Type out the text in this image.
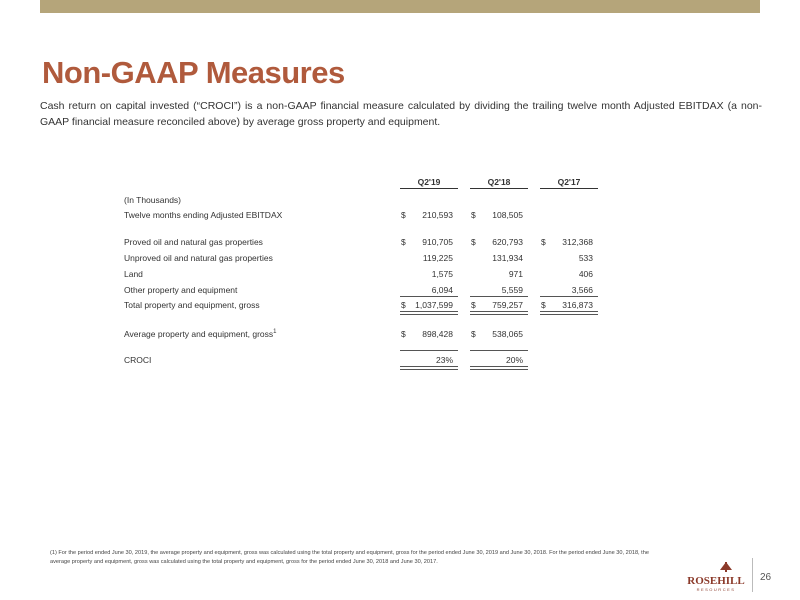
Non-GAAP Measures
Cash return on capital invested (“CROCI”) is a non-GAAP financial measure calculated by dividing the trailing twelve month Adjusted EBITDAX (a non-GAAP financial measure reconciled above) by average gross property and equipment.
Q2'19	Q2'18	Q2'17
(In Thousands)
Twelve months ending Adjusted EBITDAX	$	210,593 $	108,505
Proved oil and natural gas properties	$	910,705 $	620,793 $	312,368
Unproved oil and natural gas properties	119,225	131,934	533
Land	1,575	971	406
Other property and equipment	6,094	5,559	3,566
Total property and equipment, gross	$	1,037,599 $	759,257 $	316,873
Average property and equipment, gross$^1$	$	898,428 $	538,065
CROCI	23%	20%
(1) For the period ended June 30, 2019, the average property and equipment, gross was calculated using the total property and equipment, gross for the period ended June 30, 2019 and June 30, 2018. For the period ended June 30, 2018, the average property and equipment, gross was calculated using the total property and equipment, gross for the period ended June 30, 2018 and June 30, 2017.
ROSEHILL
RESOURCES
26
